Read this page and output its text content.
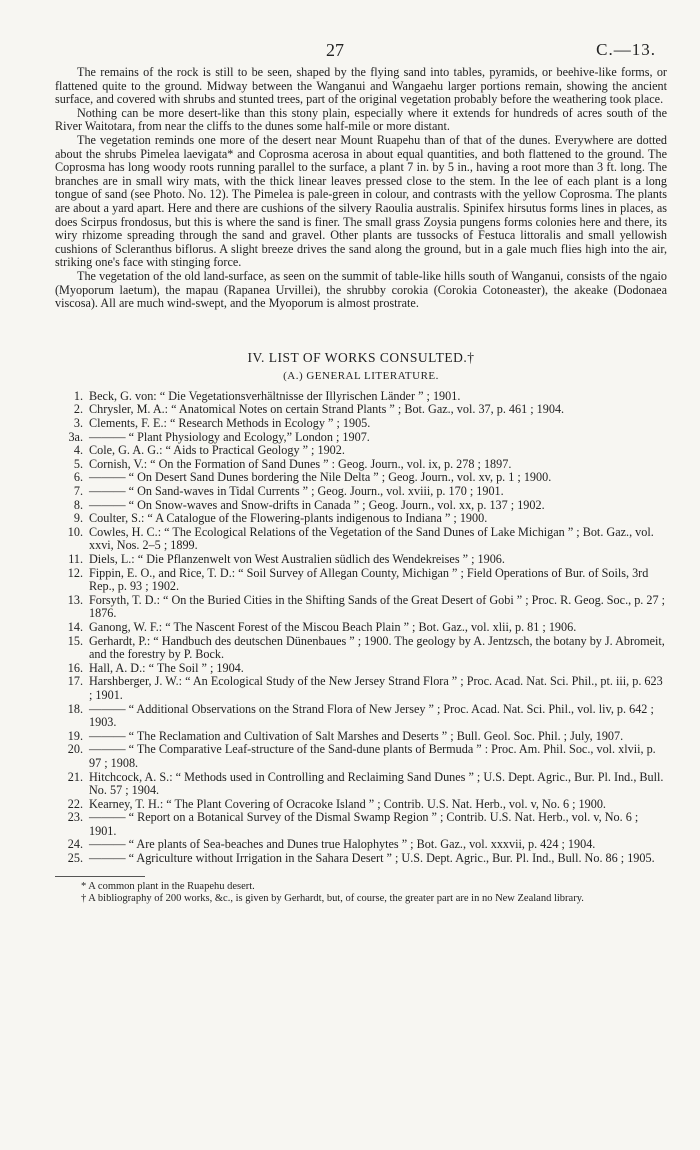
27	C.—13.

The remains of the rock is still to be seen, shaped by the flying sand into tables, pyramids, or beehive-like forms, or flattened quite to the ground. Midway between the Wanganui and Wangaehu larger portions remain, showing the ancient surface, and covered with shrubs and stunted trees, part of the original vegetation probably before the weathering took place.

Nothing can be more desert-like than this stony plain, especially where it extends for hundreds of acres south of the River Waitotara, from near the cliffs to the dunes some half-mile or more distant.

The vegetation reminds one more of the desert near Mount Ruapehu than of that of the dunes. Everywhere are dotted about the shrubs Pimelea laevigata* and Coprosma acerosa in about equal quantities, and both flattened to the ground. The Coprosma has long woody roots running parallel to the surface, a plant 7 in. by 5 in., having a root more than 3 ft. long. The branches are in small wiry mats, with the thick linear leaves pressed close to the stem. In the lee of each plant is a long tongue of sand (see Photo. No. 12). The Pimelea is pale-green in colour, and contrasts with the yellow Coprosma. The plants are about a yard apart. Here and there are cushions of the silvery Raoulia australis. Spinifex hirsutus forms lines in places, as does Scirpus frondosus, but this is where the sand is finer. The small grass Zoysia pungens forms colonies here and there, its wiry rhizome spreading through the sand and gravel. Other plants are tussocks of Festuca littoralis and small yellowish cushions of Scleranthus biflorus. A slight breeze drives the sand along the ground, but in a gale much flies high into the air, striking one's face with stinging force.

The vegetation of the old land-surface, as seen on the summit of table-like hills south of Wanganui, consists of the ngaio (Myoporum laetum), the mapau (Rapanea Urvillei), the shrubby corokia (Corokia Cotoneaster), the akeake (Dodonaea viscosa). All are much wind-swept, and the Myoporum is almost prostrate.

IV. LIST OF WORKS CONSULTED.†
(A.) GENERAL LITERATURE.
1. Beck, G. von: “ Die Vegetationsverhältnisse der Illyrischen Länder ” ; 1901.
2. Chrysler, M. A.: “ Anatomical Notes on certain Strand Plants ” ; Bot. Gaz., vol. 37, p. 461 ; 1904.
3. Clements, F. E.: “ Research Methods in Ecology ” ; 1905.
3a. ——— “ Plant Physiology and Ecology,” London ; 1907.
4. Cole, G. A. G.: “ Aids to Practical Geology ” ; 1902.
5. Cornish, V.: “ On the Formation of Sand Dunes ” : Geog. Journ., vol. ix, p. 278 ; 1897.
6. ——— “ On Desert Sand Dunes bordering the Nile Delta ” ; Geog. Journ., vol. xv, p. 1 ; 1900.
7. ——— “ On Sand-waves in Tidal Currents ” ; Geog. Journ., vol. xviii, p. 170 ; 1901.
8. ——— “ On Snow-waves and Snow-drifts in Canada ” ; Geog. Journ., vol. xx, p. 137 ; 1902.
9. Coulter, S.: “ A Catalogue of the Flowering-plants indigenous to Indiana ” ; 1900.
10. Cowles, H. C.: “ The Ecological Relations of the Vegetation of the Sand Dunes of Lake Michigan ” ; Bot. Gaz., vol. xxvi, Nos. 2–5 ; 1899.
11. Diels, L.: “ Die Pflanzenwelt von West Australien südlich des Wendekreises ” ; 1906.
12. Fippin, E. O., and Rice, T. D.: “ Soil Survey of Allegan County, Michigan ” ; Field Operations of Bur. of Soils, 3rd Rep., p. 93 ; 1902.
13. Forsyth, T. D.: “ On the Buried Cities in the Shifting Sands of the Great Desert of Gobi ” ; Proc. R. Geog. Soc., p. 27 ; 1876.
14. Ganong, W. F.: “ The Nascent Forest of the Miscou Beach Plain ” ; Bot. Gaz., vol. xlii, p. 81 ; 1906.
15. Gerhardt, P.: “ Handbuch des deutschen Dünenbaues ” ; 1900. The geology by A. Jentzsch, the botany by J. Abromeit, and the forestry by P. Bock.
16. Hall, A. D.: “ The Soil ” ; 1904.
17. Harshberger, J. W.: “ An Ecological Study of the New Jersey Strand Flora ” ; Proc. Acad. Nat. Sci. Phil., pt. iii, p. 623 ; 1901.
18. ——— “ Additional Observations on the Strand Flora of New Jersey ” ; Proc. Acad. Nat. Sci. Phil., vol. liv, p. 642 ; 1903.
19. ——— “ The Reclamation and Cultivation of Salt Marshes and Deserts ” ; Bull. Geol. Soc. Phil. ; July, 1907.
20. ——— “ The Comparative Leaf-structure of the Sand-dune plants of Bermuda ” : Proc. Am. Phil. Soc., vol. xlvii, p. 97 ; 1908.
21. Hitchcock, A. S.: “ Methods used in Controlling and Reclaiming Sand Dunes ” ; U.S. Dept. Agric., Bur. Pl. Ind., Bull. No. 57 ; 1904.
22. Kearney, T. H.: “ The Plant Covering of Ocracoke Island ” ; Contrib. U.S. Nat. Herb., vol. v, No. 6 ; 1900.
23. ——— “ Report on a Botanical Survey of the Dismal Swamp Region ” ; Contrib. U.S. Nat. Herb., vol. v, No. 6 ; 1901.
24. ——— “ Are plants of Sea-beaches and Dunes true Halophytes ” ; Bot. Gaz., vol. xxxvii, p. 424 ; 1904.
25. ——— “ Agriculture without Irrigation in the Sahara Desert ” ; U.S. Dept. Agric., Bur. Pl. Ind., Bull. No. 86 ; 1905.

* A common plant in the Ruapehu desert.

† A bibliography of 200 works, &c., is given by Gerhardt, but, of course, the greater part are in no New Zealand library.
